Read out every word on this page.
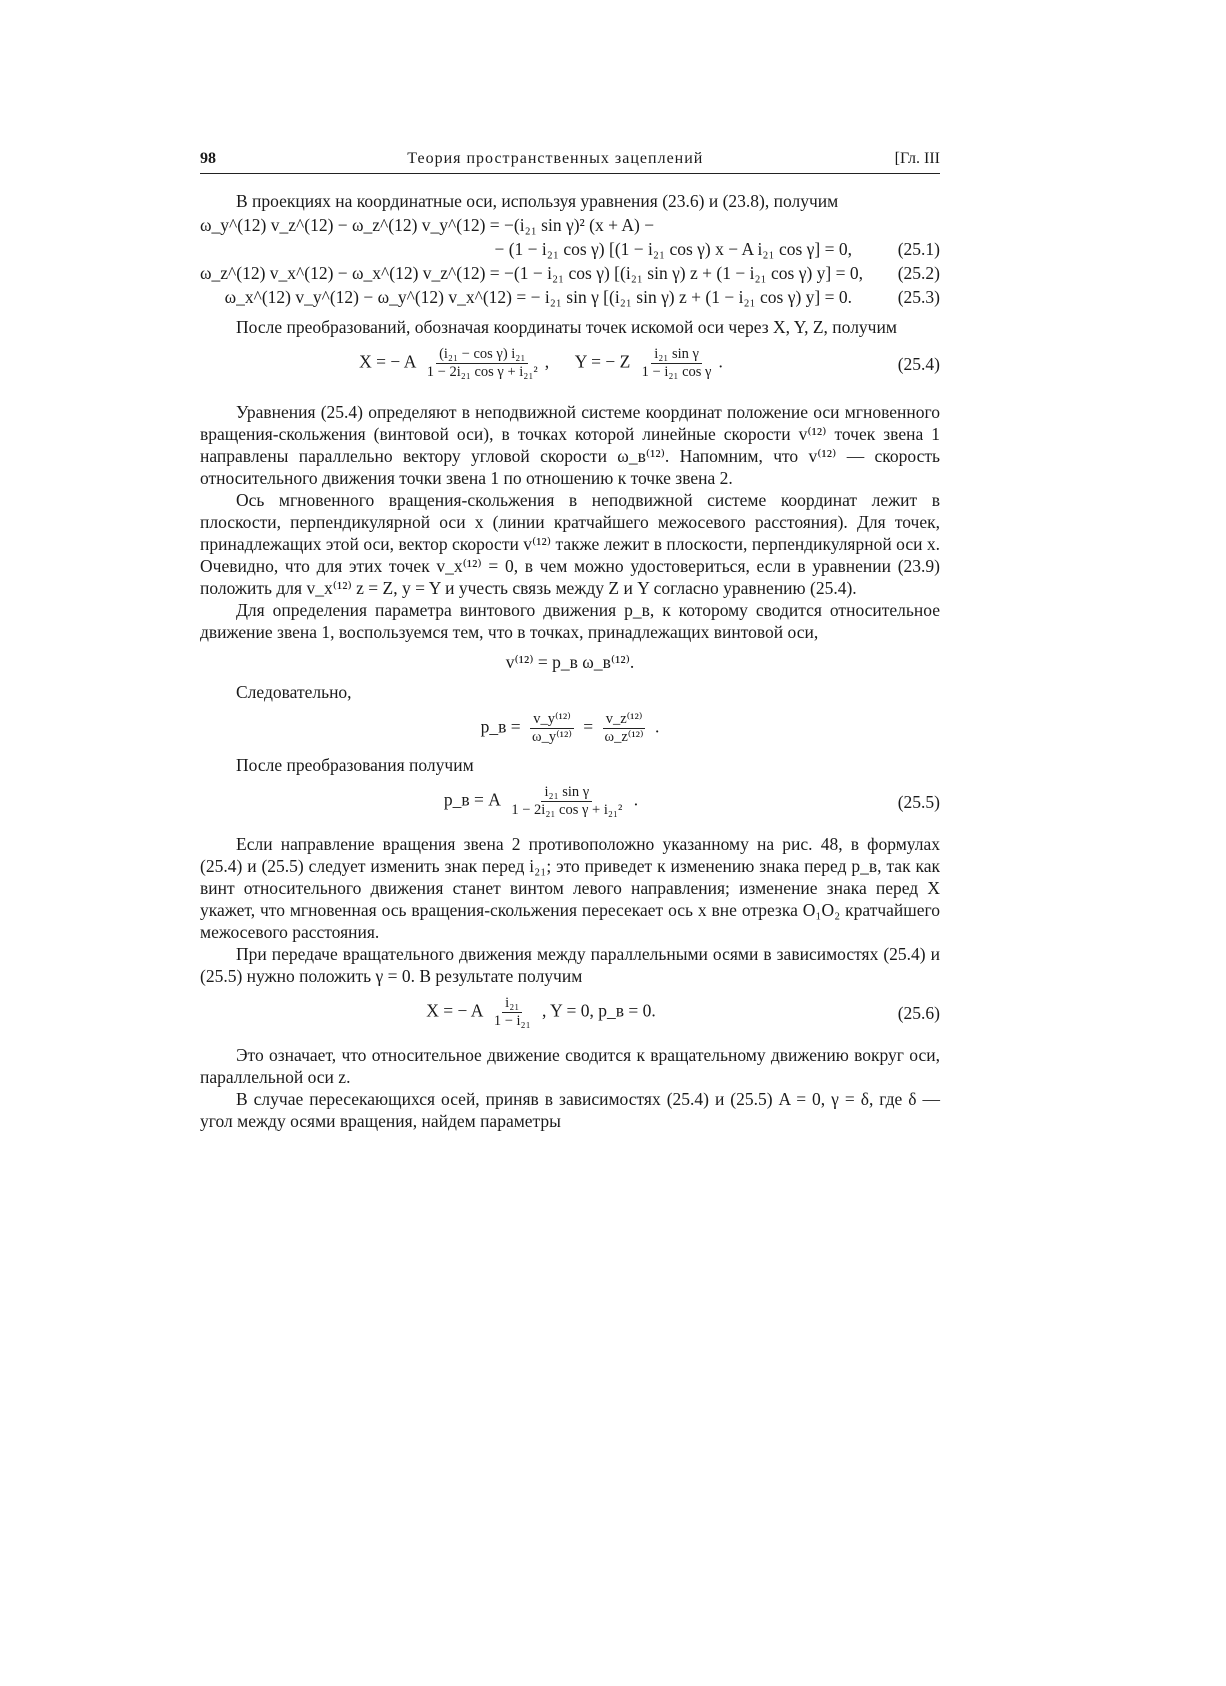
98	Теория пространственных зацеплений	[Гл. III

В проекциях на координатные оси, используя уравнения (23.6) и (23.8), получим

ω_y^(12) v_z^(12) − ω_z^(12) v_y^(12) = −(i₂₁ sin γ)² (x + A) −
− (1 − i₂₁ cos γ) [(1 − i₂₁ cos γ) x − A i₂₁ cos γ] = 0,	(25.1)
ω_z^(12) v_x^(12) − ω_x^(12) v_z^(12) = −(1 − i₂₁ cos γ) [(i₂₁ sin γ) z + (1 − i₂₁ cos γ) y] = 0,	(25.2)
ω_x^(12) v_y^(12) − ω_y^(12) v_x^(12) = − i₂₁ sin γ [(i₂₁ sin γ) z + (1 − i₂₁ cos γ) y] = 0.	(25.3)

После преобразований, обозначая координаты точек искомой оси через X, Y, Z, получим

X = − A $\frac{\text{(i₂₁ − cos γ) i₂₁}}{\text{1 − 2i₂₁ cos γ + i₂₁²}}$ ,      Y = − Z $\frac{\text{i₂₁ sin γ}}{\text{1 − i₂₁ cos γ}}$ .	(25.4)

Уравнения (25.4) определяют в неподвижной системе координат положение оси мгновенного вращения-скольжения (винтовой оси), в точках которой линейные скорости v⁽¹²⁾ точек звена 1 направлены параллельно вектору угловой скорости ω_в⁽¹²⁾. Напомним, что v⁽¹²⁾ — скорость относительного движения точки звена 1 по отношению к точке звена 2.

Ось мгновенного вращения-скольжения в неподвижной системе координат лежит в плоскости, перпендикулярной оси x (линии кратчайшего межосевого расстояния). Для точек, принадлежащих этой оси, вектор скорости v⁽¹²⁾ также лежит в плоскости, перпендикулярной оси x. Очевидно, что для этих точек v_x⁽¹²⁾ = 0, в чем можно удостовериться, если в уравнении (23.9) положить для v_x⁽¹²⁾ z = Z, y = Y и учесть связь между Z и Y согласно уравнению (25.4).

Для определения параметра винтового движения p_в, к которому сводится относительное движение звена 1, воспользуемся тем, что в точках, принадлежащих винтовой оси,

v⁽¹²⁾ = p_в ω_в⁽¹²⁾.

Следовательно,

p_в = $\frac{\text{v\_y⁽¹²⁾}}{\text{ω\_y⁽¹²⁾}} = \frac{\text{v\_z⁽¹²⁾}}{\text{ω\_z⁽¹²⁾}}$ .

После преобразования получим

p_в = A $\frac{\text{i₂₁ sin γ}}{\text{1 − 2i₂₁ cos γ + i₂₁²}}$ .	(25.5)

Если направление вращения звена 2 противоположно указанному на рис. 48, в формулах (25.4) и (25.5) следует изменить знак перед i₂₁; это приведет к изменению знака перед p_в, так как винт относительного движения станет винтом левого направления; изменение знака перед X укажет, что мгновенная ось вращения-скольжения пересекает ось x вне отрезка O₁O₂ кратчайшего межосевого расстояния.

При передаче вращательного движения между параллельными осями в зависимостях (25.4) и (25.5) нужно положить γ = 0. В результате получим

X = − A $\frac{\text{i₂₁}}{\text{1 − i₂₁}}$ , Y = 0, p_в = 0.	(25.6)

Это означает, что относительное движение сводится к вращательному движению вокруг оси, параллельной оси z.

В случае пересекающихся осей, приняв в зависимостях (25.4) и (25.5) A = 0, γ = δ, где δ — угол между осями вращения, найдем параметры
